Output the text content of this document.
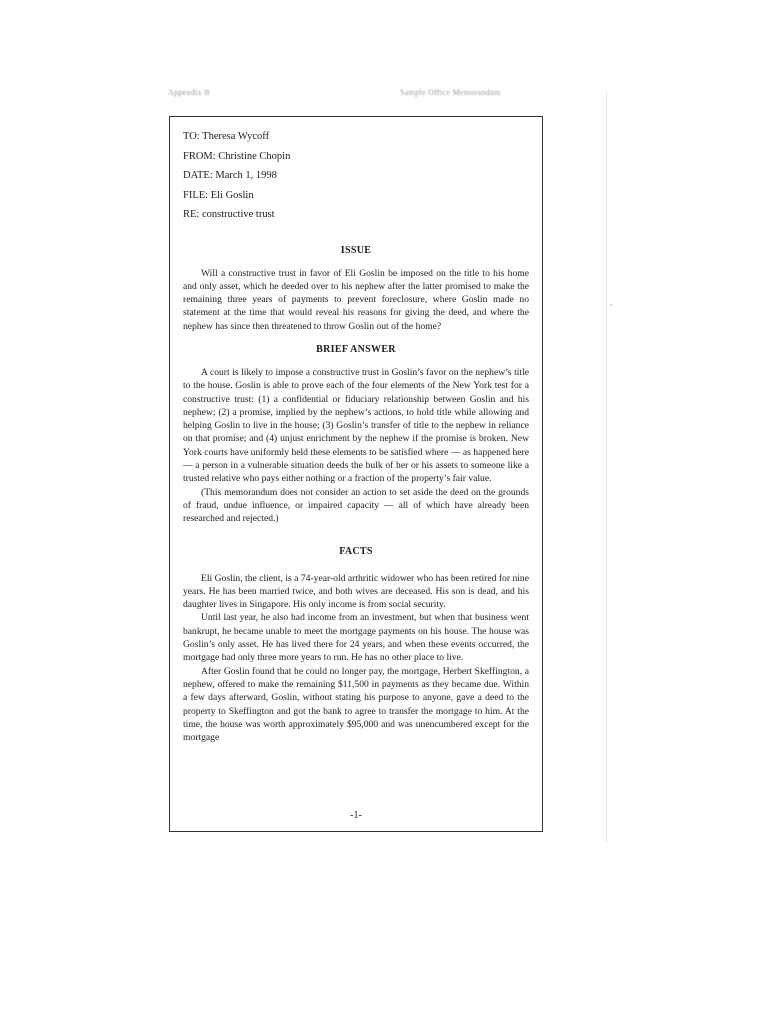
Appendix B	Sample Office Memorandum
TO: Theresa Wycoff
FROM: Christine Chopin
DATE: March 1, 1998
FILE: Eli Goslin
RE: constructive trust
ISSUE

Will a constructive trust in favor of Eli Goslin be imposed on the title to his home and only asset, which he deeded over to his nephew after the latter promised to make the remaining three years of payments to prevent foreclosure, where Goslin made no statement at the time that would reveal his reasons for giving the deed, and where the nephew has since then threatened to throw Goslin out of the home?

BRIEF ANSWER

A court is likely to impose a constructive trust in Goslin’s favor on the nephew’s title to the house. Goslin is able to prove each of the four elements of the New York test for a constructive trust: (1) a confidential or fiduciary relationship between Goslin and his nephew; (2) a promise, implied by the nephew’s actions, to hold title while allowing and helping Goslin to live in the house; (3) Goslin’s transfer of title to the nephew in reliance on that promise; and (4) unjust enrichment by the nephew if the promise is broken. New York courts have uniformly held these elements to be satisfied where — as happened here — a person in a vulnerable situation deeds the bulk of her or his assets to someone like a trusted relative who pays either nothing or a fraction of the property’s fair value.

(This memorandum does not consider an action to set aside the deed on the grounds of fraud, undue influence, or impaired capacity — all of which have already been researched and rejected.)

FACTS

Eli Goslin, the client, is a 74-year-old arthritic widower who has been retired for nine years. He has been married twice, and both wives are deceased. His son is dead, and his daughter lives in Singapore. His only income is from social security.

Until last year, he also had income from an investment, but when that business went bankrupt, he became unable to meet the mortgage payments on his house. The house was Goslin’s only asset. He has lived there for 24 years, and when these events occurred, the mortgage had only three more years to run. He has no other place to live.

After Goslin found that he could no longer pay, the mortgage, Herbert Skeffington, a nephew, offered to make the remaining $11,500 in payments as they became due. Within a few days afterward, Goslin, without stating his purpose to anyone, gave a deed to the property to Skeffington and got the bank to agree to transfer the mortgage to him. At the time, the house was worth approximately $95,000 and was unencumbered except for the mortgage

-1-
